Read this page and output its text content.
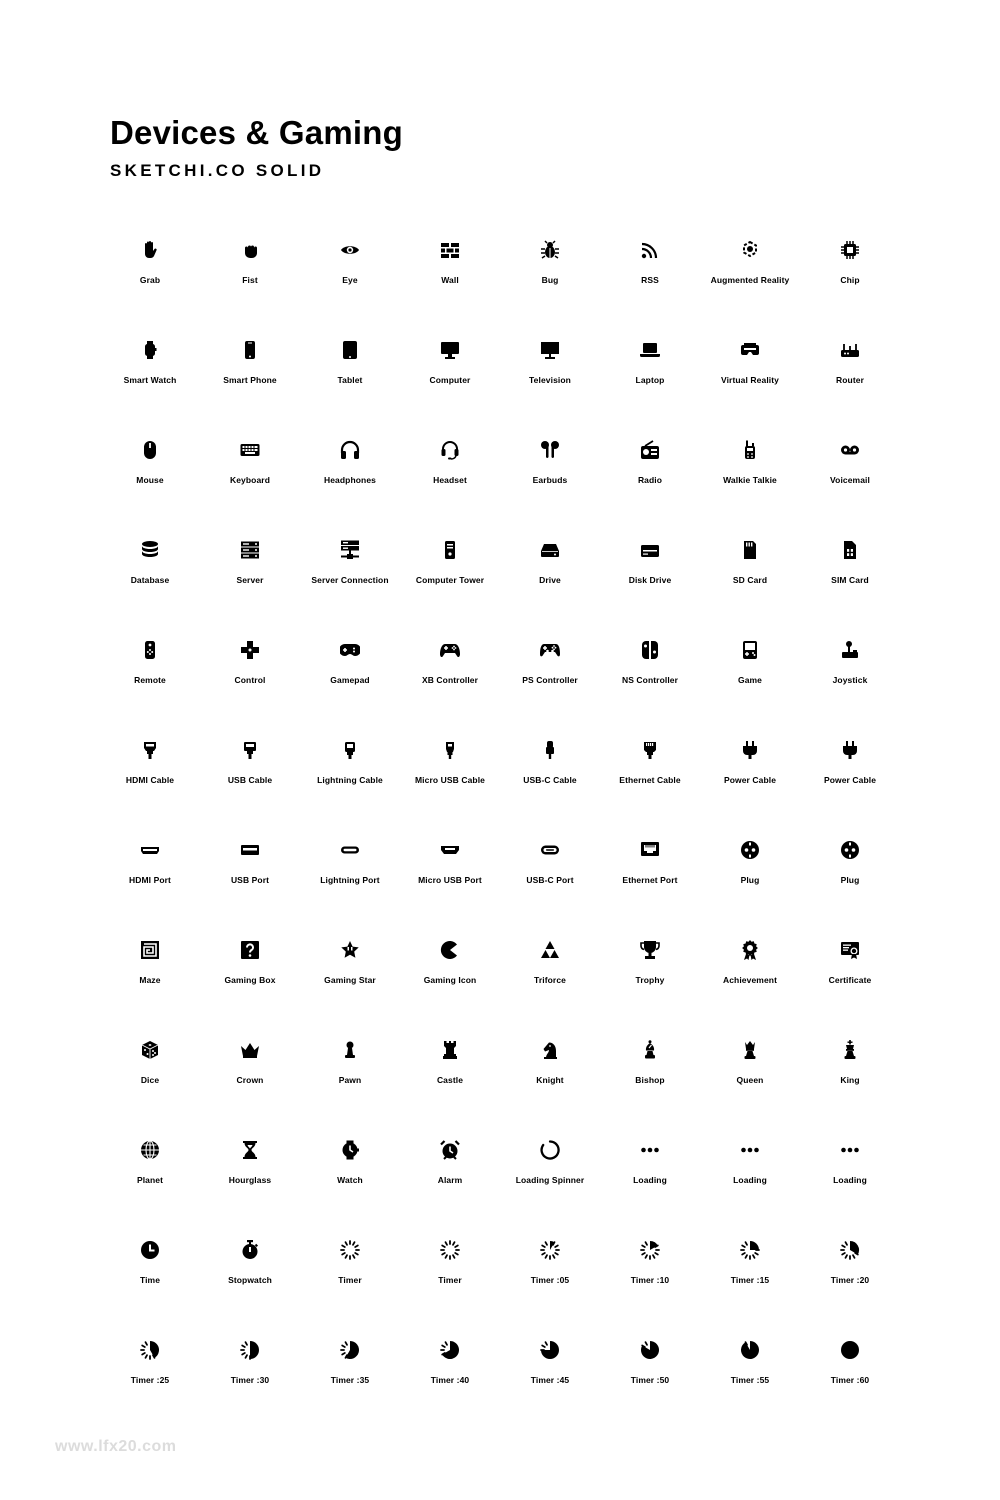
Devices & Gaming
SKETCHI.CO SOLID
Grab	Fist	Eye	Wall	Bug	RSS	Augmented Reality	Chip
Smart Watch	Smart Phone	Tablet	Computer	Television	Laptop	Virtual Reality	Router
Mouse	Keyboard	Headphones	Headset	Earbuds	Radio	Walkie Talkie	Voicemail
Database	Server	Server Connection	Computer Tower	Drive	Disk Drive	SD Card	SIM Card
Remote	Control	Gamepad	XB Controller	PS Controller	NS Controller	Game	Joystick
HDMI Cable	USB Cable	Lightning Cable	Micro USB Cable	USB-C Cable	Ethernet Cable	Power Cable	Power Cable
HDMI Port	USB Port	Lightning Port	Micro USB Port	USB-C Port	Ethernet Port	Plug	Plug
Maze	Gaming Box	Gaming Star	Gaming Icon	Triforce	Trophy	Achievement	Certificate
Dice	Crown	Pawn	Castle	Knight	Bishop	Queen	King
Planet	Hourglass	Watch	Alarm	Loading Spinner	Loading	Loading	Loading
Time	Stopwatch	Timer	Timer	Timer :05	Timer :10	Timer :15	Timer :20
Timer :25	Timer :30	Timer :35	Timer :40	Timer :45	Timer :50	Timer :55	Timer :60
www.lfx20.com
